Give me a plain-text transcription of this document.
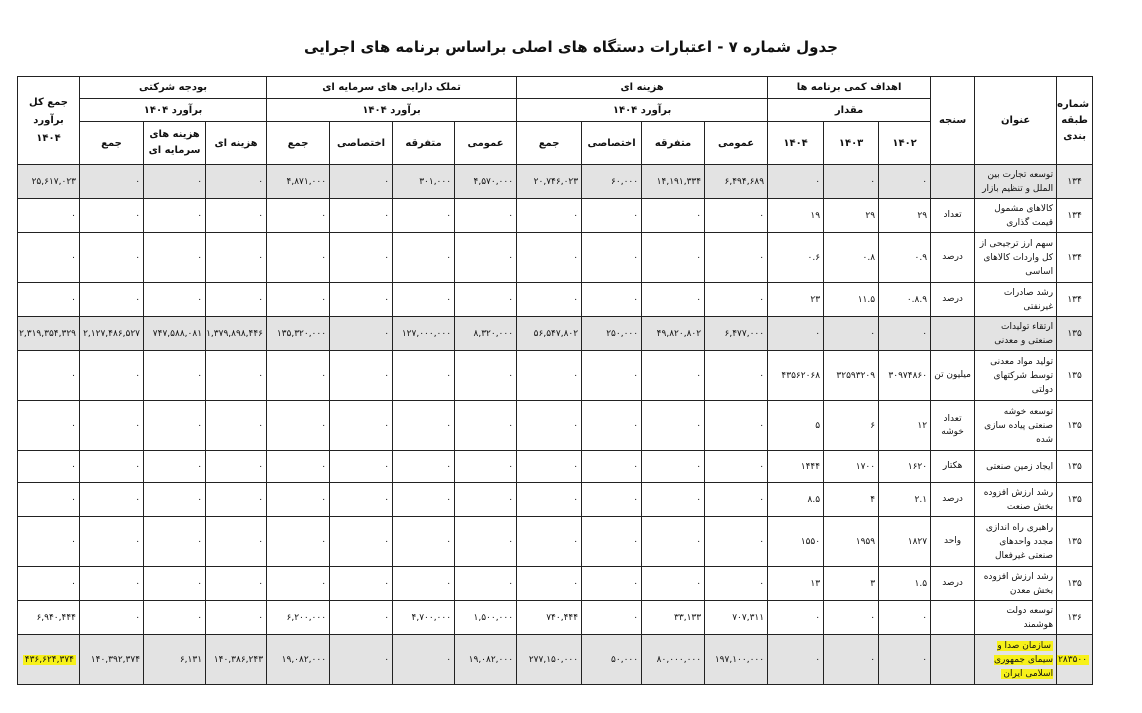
جدول شماره ۷ - اعتبارات دستگاه های اصلی براساس برنامه های اجرایی
شماره طبقه بندی	عنوان	سنجه	اهداف کمی برنامه ها			هزینه ای				تملک دارایی های سرمایه ای				بودجه شرکتی			جمع کل برآورد ۱۴۰۴
			مقدار			برآورد ۱۴۰۴				برآورد ۱۴۰۴				برآورد ۱۴۰۴			
			۱۴۰۲	۱۴۰۳	۱۴۰۴	عمومی	متفرقه	اختصاصی	جمع	عمومی	متفرقه	اختصاصی	جمع	هزینه ای	هزینه های سرمایه ای	جمع	
۱۳۴	توسعه تجارت بین الملل و تنظیم بازار		۰	۰	۰	۶,۴۹۴,۶۸۹	۱۴,۱۹۱,۳۳۴	۶۰,۰۰۰	۲۰,۷۴۶,۰۲۳	۴,۵۷۰,۰۰۰	۳۰۱,۰۰۰	۰	۴,۸۷۱,۰۰۰	۰	۰	۰	۲۵,۶۱۷,۰۲۳
۱۳۴	کالاهای مشمول قیمت گذاری	تعداد	۲۹	۲۹	۱۹	۰	۰	۰	۰	۰	۰	۰	۰	۰	۰	۰	۰
۱۳۴	سهم ارز ترجیحی از کل واردات کالاهای اساسی	درصد	۰.۹	۰.۸	۰.۶	۰	۰	۰	۰	۰	۰	۰	۰	۰	۰	۰	۰
۱۳۴	رشد صادرات غیرنفتی	درصد	۰.۸.۹	۱۱.۵	۲۳	۰	۰	۰	۰	۰	۰	۰	۰	۰	۰	۰	۰
۱۳۵	ارتقاء تولیدات صنعتی و معدنی		۰	۰	۰	۶,۴۷۷,۰۰۰	۴۹,۸۲۰,۸۰۲	۲۵۰,۰۰۰	۵۶,۵۴۷,۸۰۲	۸,۳۲۰,۰۰۰	۱۲۷,۰۰۰,۰۰۰	۰	۱۳۵,۳۲۰,۰۰۰	۱,۳۷۹,۸۹۸,۴۴۶	۷۴۷,۵۸۸,۰۸۱	۲,۱۲۷,۴۸۶,۵۲۷	۲,۳۱۹,۳۵۴,۳۲۹
۱۳۵	تولید مواد معدنی توسط شرکتهای دولتی	میلیون تن	۳۰۹۷۴۸۶۰	۳۲۵۹۳۲۰۹	۴۳۵۶۲۰۶۸	۰	۰	۰	۰	۰	۰	۰	۰	۰	۰	۰	۰
۱۳۵	توسعه خوشه صنعتی پیاده سازی شده	تعداد خوشه	۱۲	۶	۵	۰	۰	۰	۰	۰	۰	۰	۰	۰	۰	۰	۰
۱۳۵	ایجاد زمین صنعتی	هکتار	۱۶۲۰	۱۷۰۰	۱۴۴۴	۰	۰	۰	۰	۰	۰	۰	۰	۰	۰	۰	۰
۱۳۵	رشد ارزش افزوده بخش صنعت	درصد	۲.۱	۴	۸.۵	۰	۰	۰	۰	۰	۰	۰	۰	۰	۰	۰	۰
۱۳۵	راهبری راه اندازی مجدد واحدهای صنعتی غیرفعال	واحد	۱۸۲۷	۱۹۵۹	۱۵۵۰	۰	۰	۰	۰	۰	۰	۰	۰	۰	۰	۰	۰
۱۳۵	رشد ارزش افزوده بخش معدن	درصد	۱.۵	۳	۱۳	۰	۰	۰	۰	۰	۰	۰	۰	۰	۰	۰	۰
۱۳۶	توسعه دولت هوشمند		۰	۰	۰	۷۰۷,۳۱۱	۳۳,۱۳۳	۰	۷۴۰,۴۴۴	۱,۵۰۰,۰۰۰	۴,۷۰۰,۰۰۰	۰	۶,۲۰۰,۰۰۰	۰	۰	۰	۶,۹۴۰,۴۴۴
۲۸۳۵۰۰	سازمان صدا و سیمای جمهوری اسلامی ایران		۰	۰	۰	۱۹۷,۱۰۰,۰۰۰	۸۰,۰۰۰,۰۰۰	۵۰,۰۰۰	۲۷۷,۱۵۰,۰۰۰	۱۹,۰۸۲,۰۰۰	۰	۰	۱۹,۰۸۲,۰۰۰	۱۴۰,۳۸۶,۲۴۳	۶,۱۳۱	۱۴۰,۳۹۲,۳۷۴	۴۳۶,۶۲۴,۳۷۴
